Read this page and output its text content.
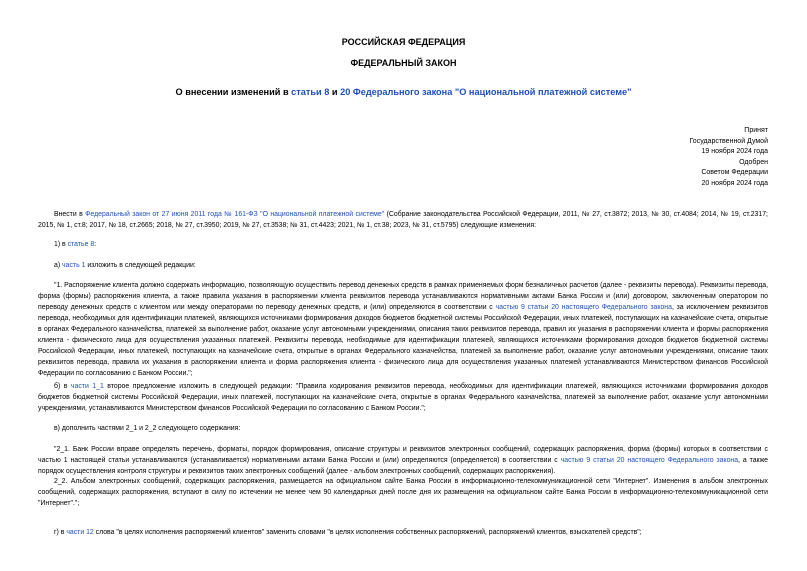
РОССИЙСКАЯ ФЕДЕРАЦИЯ
ФЕДЕРАЛЬНЫЙ ЗАКОН
О внесении изменений в статьи 8 и 20 Федерального закона "О национальной платежной системе"
Принят
Государственной Думой
19 ноября 2024 года
Одобрен
Советом Федерации
20 ноября 2024 года
Внести в Федеральный закон от 27 июня 2011 года № 161-ФЗ "О национальной платежной системе" (Собрание законодательства Российской Федерации, 2011, № 27, ст.3872; 2013, № 30, ст.4084; 2014, № 19, ст.2317; 2015, № 1, ст.8; 2017, № 18, ст.2665; 2018, № 27, ст.3950; 2019, № 27, ст.3538; № 31, ст.4423; 2021, № 1, ст.38; 2023, № 31, ст.5795) следующие изменения:
1) в статье 8:
а) часть 1 изложить в следующей редакции:
"1. Распоряжение клиента должно содержать информацию, позволяющую осуществить перевод денежных средств в рамках применяемых форм безналичных расчетов (далее - реквизиты перевода). Реквизиты перевода, форма (формы) распоряжения клиента, а также правила указания в распоряжении клиента реквизитов перевода устанавливаются нормативными актами Банка России и (или) договором, заключенным оператором по переводу денежных средств с клиентом или между операторами по переводу денежных средств, и (или) определяются в соответствии с частью 9 статьи 20 настоящего Федерального закона, за исключением реквизитов перевода, необходимых для идентификации платежей, являющихся источниками формирования доходов бюджетов бюджетной системы Российской Федерации, иных платежей, поступающих на казначейские счета, открытые в органах Федерального казначейства, платежей за выполнение работ, оказание услуг автономными учреждениями, описания таких реквизитов перевода, правил их указания в распоряжении клиента и формы распоряжения клиента - физического лица для осуществления указанных платежей. Реквизиты перевода, необходимые для идентификации платежей, являющихся источниками формирования доходов бюджетов бюджетной системы Российской Федерации, иных платежей, поступающих на казначейские счета, открытые в органах Федерального казначейства, платежей за выполнение работ, оказание услуг автономными учреждениями, описание таких реквизитов перевода, правила их указания в распоряжении клиента и форма распоряжения клиента - физического лица для осуществления указанных платежей устанавливаются Министерством финансов Российской Федерации по согласованию с Банком России.";
б) в части 1_1 второе предложение изложить в следующей редакции: "Правила кодирования реквизитов перевода, необходимых для идентификации платежей, являющихся источниками формирования доходов бюджетов бюджетной системы Российской Федерации, иных платежей, поступающих на казначейские счета, открытые в органах Федерального казначейства, платежей за выполнение работ, оказание услуг автономными учреждениями, устанавливаются Министерством финансов Российской Федерации по согласованию с Банком России.";
в) дополнить частями 2_1 и 2_2 следующего содержания:
"2_1. Банк России вправе определять перечень, форматы, порядок формирования, описание структуры и реквизитов электронных сообщений, содержащих распоряжения, форма (формы) которых в соответствии с частью 1 настоящей статьи устанавливаются (устанавливается) нормативными актами Банка России и (или) определяются (определяется) в соответствии с частью 9 статьи 20 настоящего Федерального закона, а также порядок осуществления контроля структуры и реквизитов таких электронных сообщений (далее - альбом электронных сообщений, содержащих распоряжения).
2_2. Альбом электронных сообщений, содержащих распоряжения, размещается на официальном сайте Банка России в информационно-телекоммуникационной сети "Интернет". Изменения в альбом электронных сообщений, содержащих распоряжения, вступают в силу по истечении не менее чем 90 календарных дней после дня их размещения на официальном сайте Банка России в информационно-телекоммуникационной сети "Интернет".";
г) в части 12 слова "в целях исполнения распоряжений клиентов" заменить словами "в целях исполнения собственных распоряжений, распоряжений клиентов, взыскателей средств";
